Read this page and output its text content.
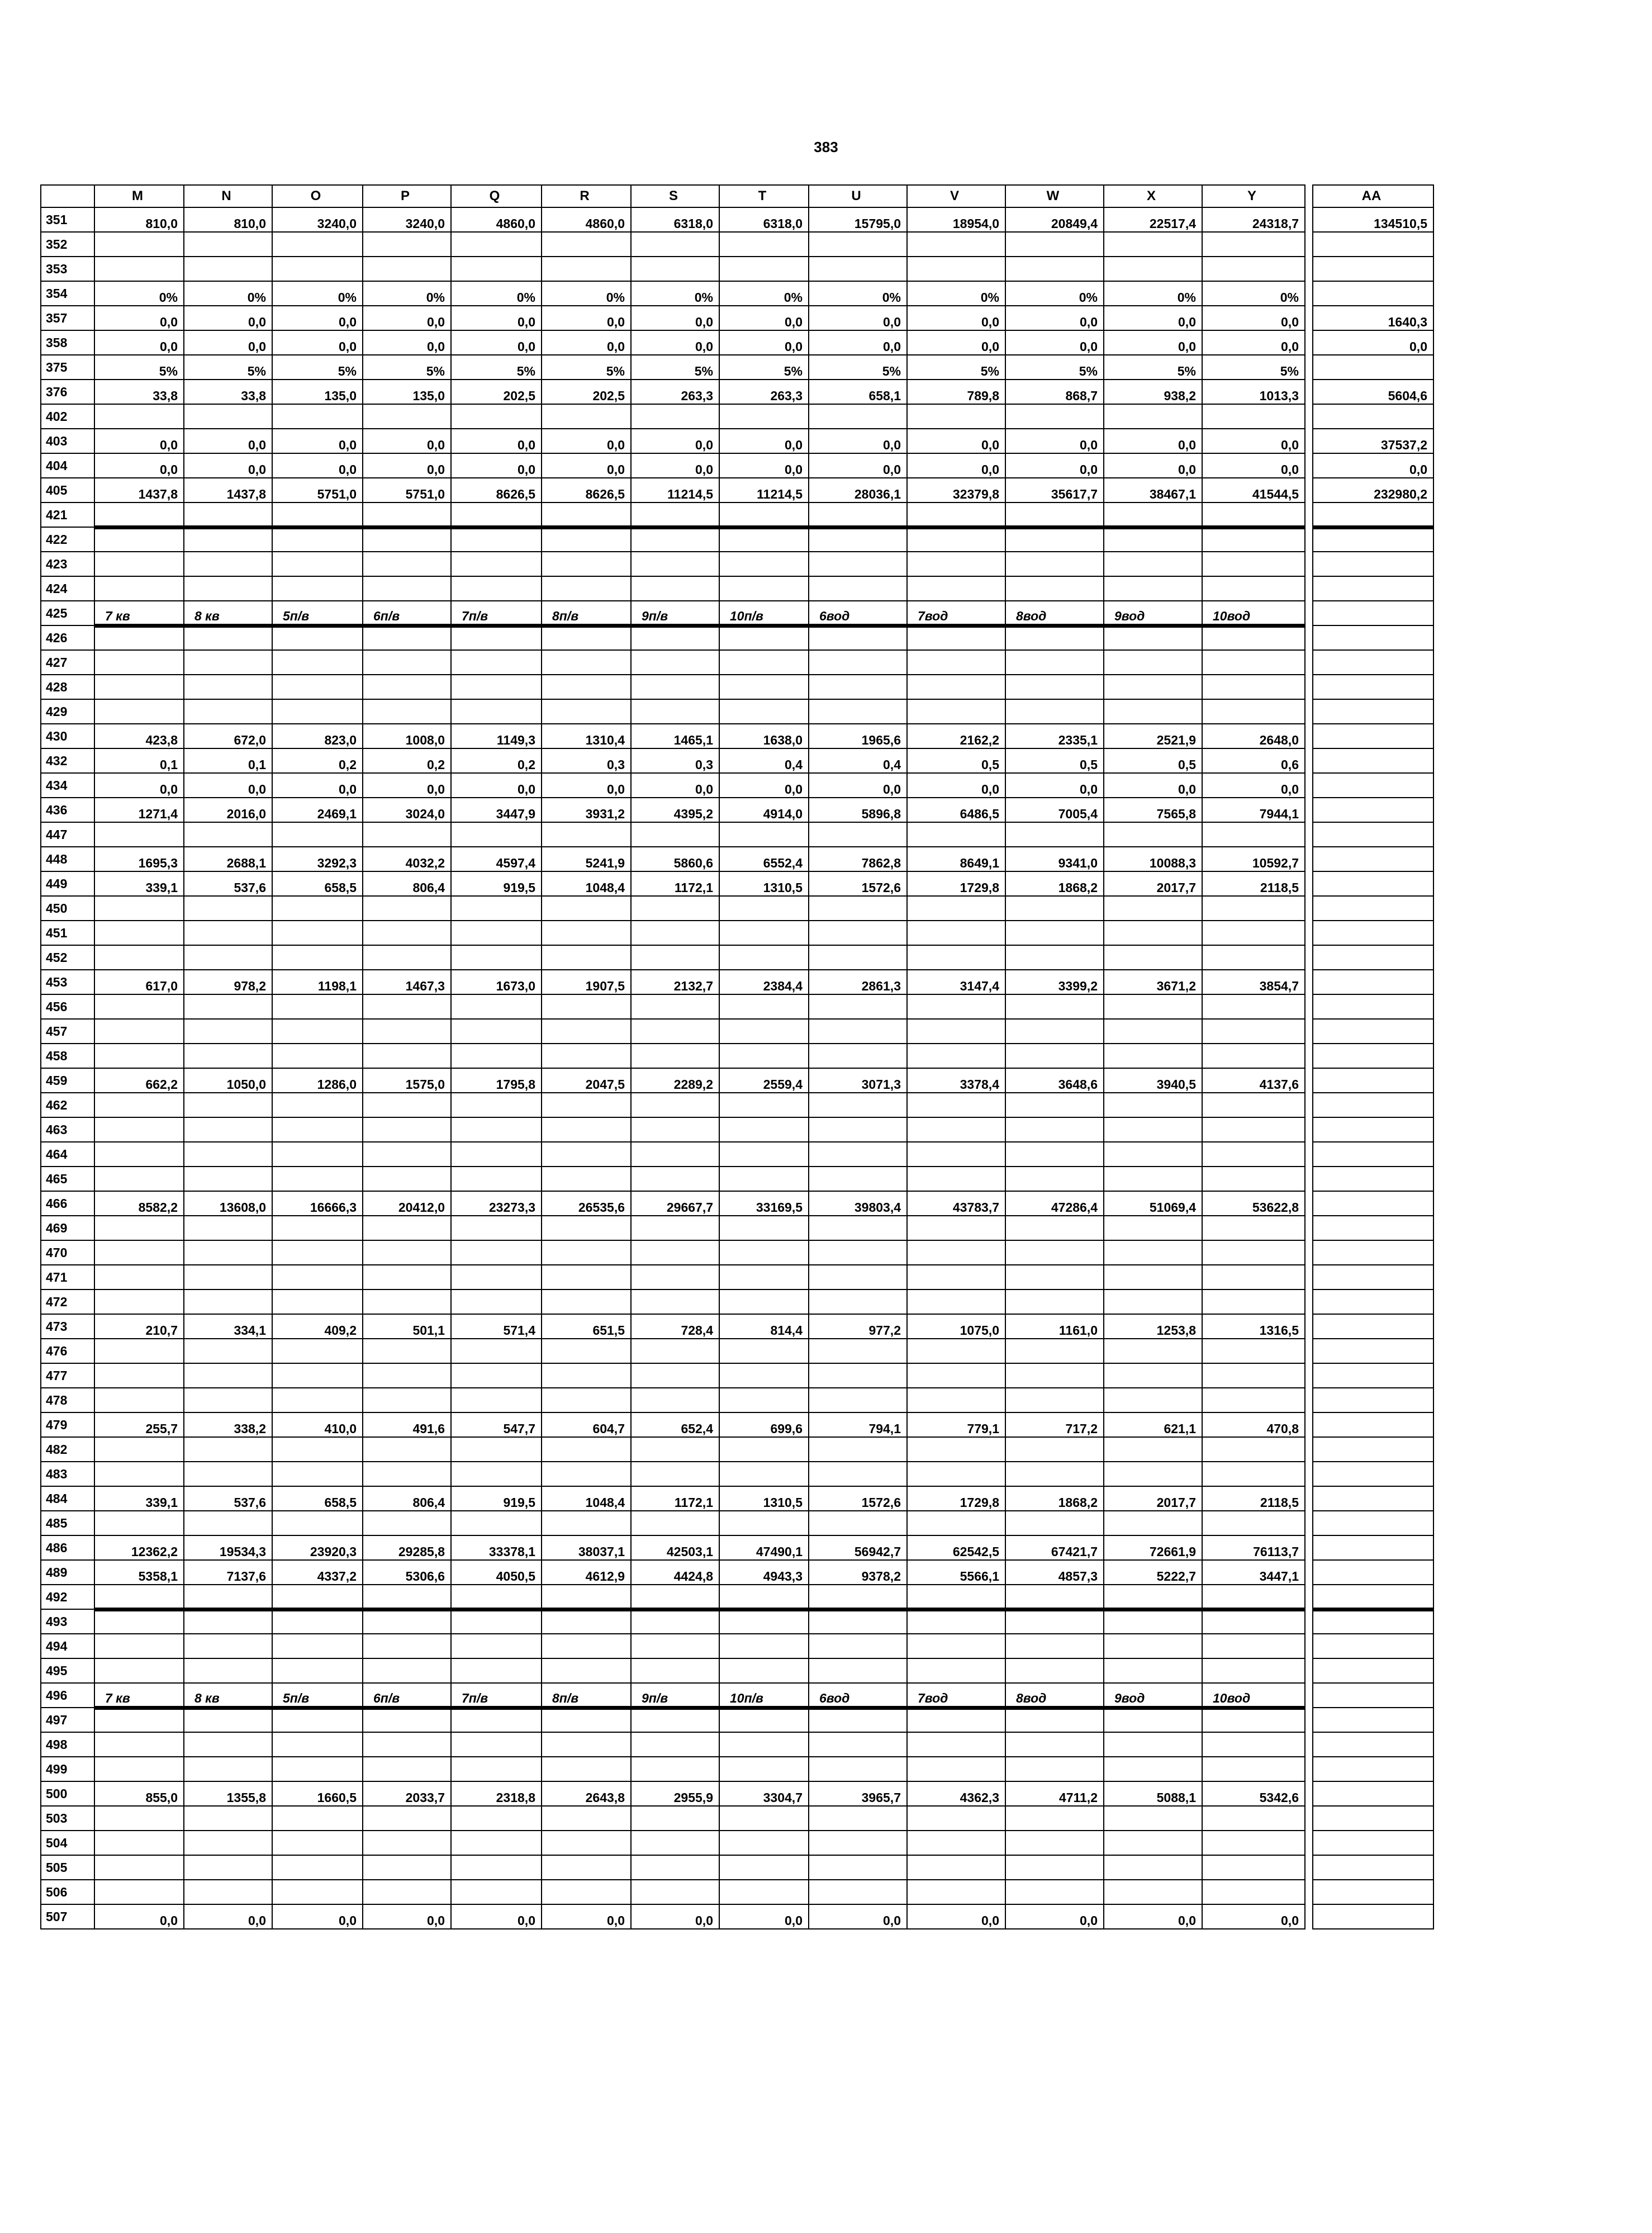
383
	M	N	O	P	Q	R	S	T	U	V	W	X	Y		AA
351	810,0	810,0	3240,0	3240,0	4860,0	4860,0	6318,0	6318,0	15795,0	18954,0	20849,4	22517,4	24318,7		134510,5
352															
353															
354	0%	0%	0%	0%	0%	0%	0%	0%	0%	0%	0%	0%	0%		
357	0,0	0,0	0,0	0,0	0,0	0,0	0,0	0,0	0,0	0,0	0,0	0,0	0,0		1640,3
358	0,0	0,0	0,0	0,0	0,0	0,0	0,0	0,0	0,0	0,0	0,0	0,0	0,0		0,0
375	5%	5%	5%	5%	5%	5%	5%	5%	5%	5%	5%	5%	5%		
376	33,8	33,8	135,0	135,0	202,5	202,5	263,3	263,3	658,1	789,8	868,7	938,2	1013,3		5604,6
402															
403	0,0	0,0	0,0	0,0	0,0	0,0	0,0	0,0	0,0	0,0	0,0	0,0	0,0		37537,2
404	0,0	0,0	0,0	0,0	0,0	0,0	0,0	0,0	0,0	0,0	0,0	0,0	0,0		0,0
405	1437,8	1437,8	5751,0	5751,0	8626,5	8626,5	11214,5	11214,5	28036,1	32379,8	35617,7	38467,1	41544,5		232980,2
421															
422															
423															
424															
425	7 кв	8 кв	5п/в	6п/в	7п/в	8п/в	9п/в	10п/в	6вод	7вод	8вод	9вод	10вод		
426															
427															
428															
429															
430	423,8	672,0	823,0	1008,0	1149,3	1310,4	1465,1	1638,0	1965,6	2162,2	2335,1	2521,9	2648,0		
432	0,1	0,1	0,2	0,2	0,2	0,3	0,3	0,4	0,4	0,5	0,5	0,5	0,6		
434	0,0	0,0	0,0	0,0	0,0	0,0	0,0	0,0	0,0	0,0	0,0	0,0	0,0		
436	1271,4	2016,0	2469,1	3024,0	3447,9	3931,2	4395,2	4914,0	5896,8	6486,5	7005,4	7565,8	7944,1		
447															
448	1695,3	2688,1	3292,3	4032,2	4597,4	5241,9	5860,6	6552,4	7862,8	8649,1	9341,0	10088,3	10592,7		
449	339,1	537,6	658,5	806,4	919,5	1048,4	1172,1	1310,5	1572,6	1729,8	1868,2	2017,7	2118,5		
450															
451															
452															
453	617,0	978,2	1198,1	1467,3	1673,0	1907,5	2132,7	2384,4	2861,3	3147,4	3399,2	3671,2	3854,7		
456															
457															
458															
459	662,2	1050,0	1286,0	1575,0	1795,8	2047,5	2289,2	2559,4	3071,3	3378,4	3648,6	3940,5	4137,6		
462															
463															
464															
465															
466	8582,2	13608,0	16666,3	20412,0	23273,3	26535,6	29667,7	33169,5	39803,4	43783,7	47286,4	51069,4	53622,8		
469															
470															
471															
472															
473	210,7	334,1	409,2	501,1	571,4	651,5	728,4	814,4	977,2	1075,0	1161,0	1253,8	1316,5		
476															
477															
478															
479	255,7	338,2	410,0	491,6	547,7	604,7	652,4	699,6	794,1	779,1	717,2	621,1	470,8		
482															
483															
484	339,1	537,6	658,5	806,4	919,5	1048,4	1172,1	1310,5	1572,6	1729,8	1868,2	2017,7	2118,5		
485															
486	12362,2	19534,3	23920,3	29285,8	33378,1	38037,1	42503,1	47490,1	56942,7	62542,5	67421,7	72661,9	76113,7		
489	5358,1	7137,6	4337,2	5306,6	4050,5	4612,9	4424,8	4943,3	9378,2	5566,1	4857,3	5222,7	3447,1		
492															
493															
494															
495															
496	7 кв	8 кв	5п/в	6п/в	7п/в	8п/в	9п/в	10п/в	6вод	7вод	8вод	9вод	10вод		
497															
498															
499															
500	855,0	1355,8	1660,5	2033,7	2318,8	2643,8	2955,9	3304,7	3965,7	4362,3	4711,2	5088,1	5342,6		
503															
504															
505															
506															
507	0,0	0,0	0,0	0,0	0,0	0,0	0,0	0,0	0,0	0,0	0,0	0,0	0,0		
